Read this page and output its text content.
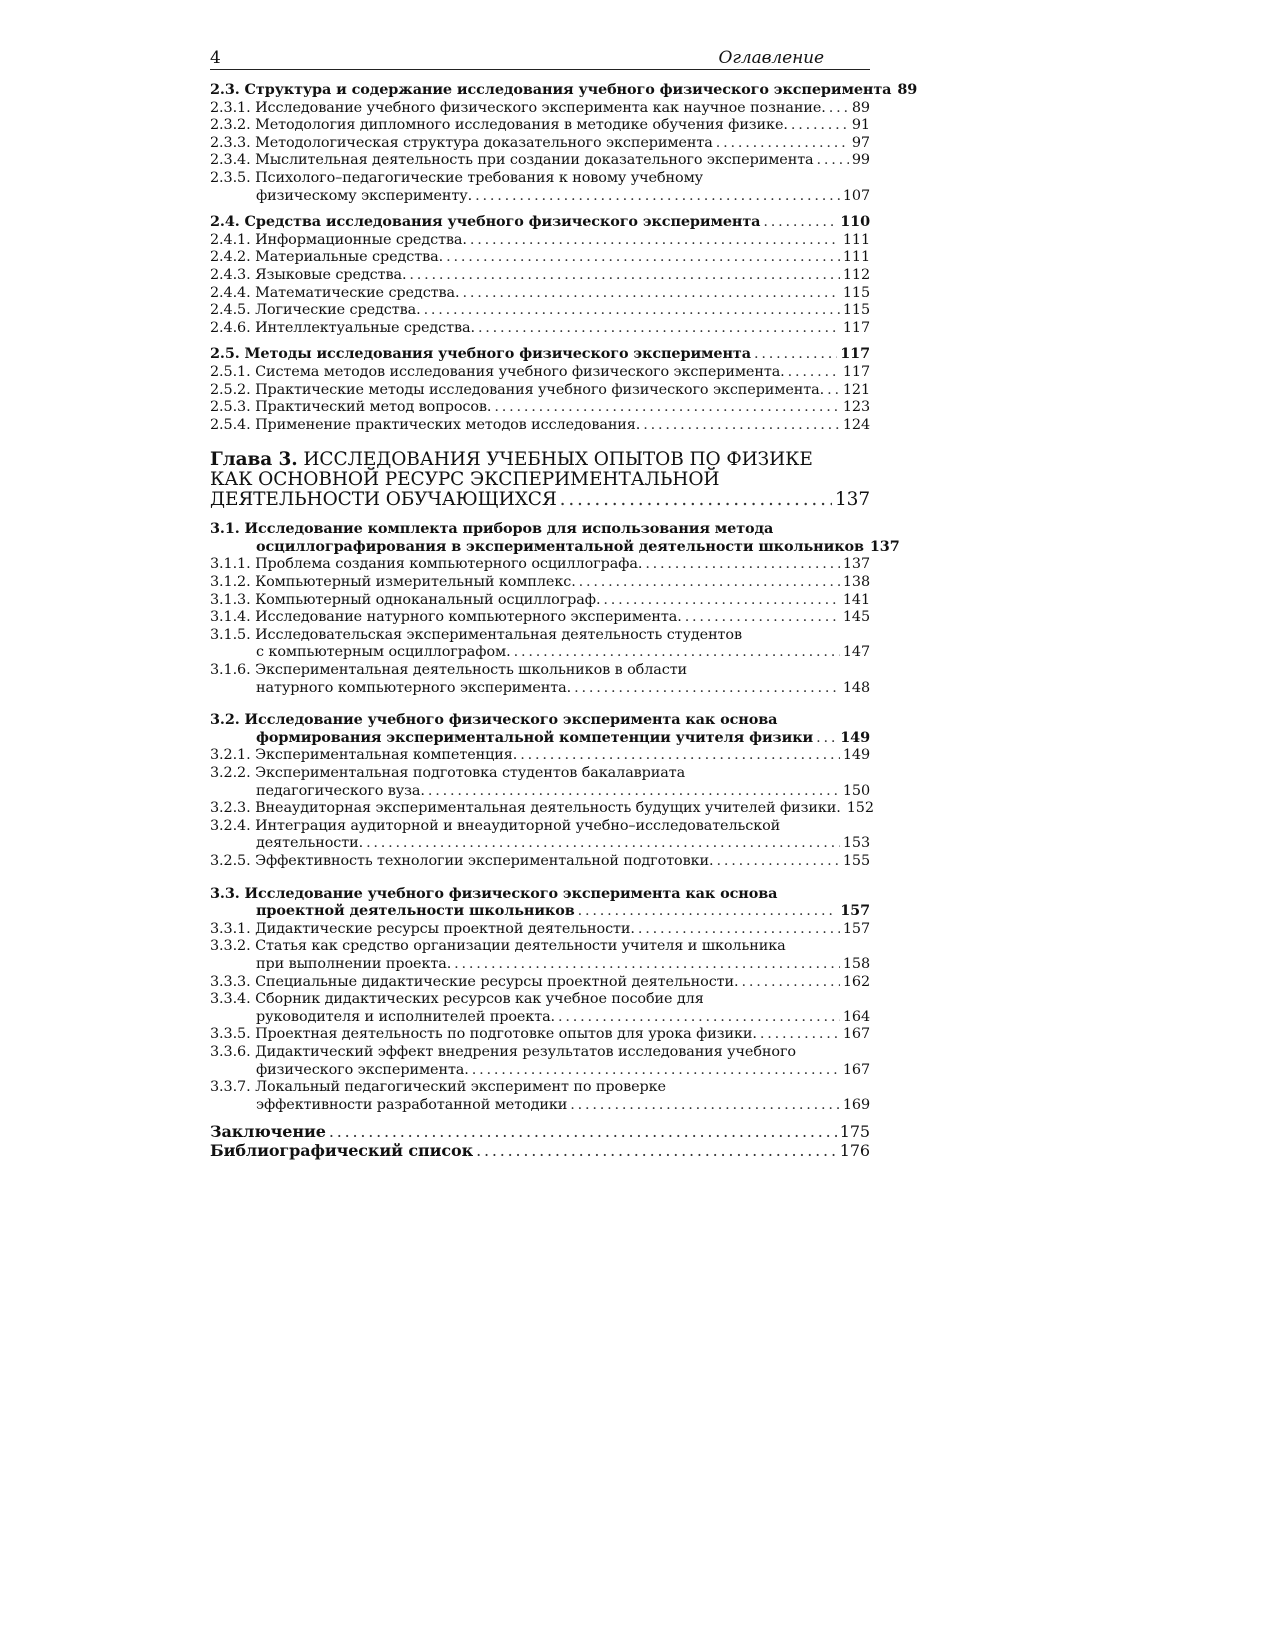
4	Оглавление
2.3. Структура и содержание исследования учебного физического эксперимента 89
2.3.1. Исследование учебного физического эксперимента как научное познание. ..... 89
2.3.2. Методология дипломного исследования в методике обучения физике. .....	91
2.3.3. Методологическая структура доказательного эксперимента .....	97
2.3.4. Мыслительная деятельность при создании доказательного эксперимента .....	99
2.3.5. Психолого–педагогические требования к новому учебному
физическому эксперименту. .....	107
2.4. Средства исследования учебного физического эксперимента .....	110
2.4.1. Информационные средства. .....	111
2.4.2. Материальные средства. .....	111
2.4.3. Языковые средства. .....	112
2.4.4. Математические средства. .....	115
2.4.5. Логические средства. .....	115
2.4.6. Интеллектуальные средства. .....	117
2.5. Методы исследования учебного физического эксперимента .....	117
2.5.1. Система методов исследования учебного физического эксперимента. .....	117
2.5.2. Практические методы исследования учебного физического эксперимента. ..... 121
2.5.3. Практический метод вопросов. .....	123
2.5.4. Применение практических методов исследования. .....	124
Глава 3. ИССЛЕДОВАНИЯ УЧЕБНЫХ ОПЫТОВ ПО ФИЗИКЕ
КАК ОСНОВНОЙ РЕСУРС ЭКСПЕРИМЕНТАЛЬНОЙ
ДЕЯТЕЛЬНОСТИ ОБУЧАЮЩИХСЯ .....	137
3.1. Исследование комплекта приборов для использования метода
осциллографирования в экспериментальной деятельности школьников 137
3.1.1. Проблема создания компьютерного осциллографа. .....	137
3.1.2. Компьютерный измерительный комплекс. .....	138
3.1.3. Компьютерный одноканальный осциллограф. .....	141
3.1.4. Исследование натурного компьютерного эксперимента. .....	145
3.1.5. Исследовательская экспериментальная деятельность студентов
с компьютерным осциллографом. .....	147
3.1.6. Экспериментальная деятельность школьников в области
натурного компьютерного эксперимента. .....	148
3.2. Исследование учебного физического эксперимента как основа
формирования экспериментальной компетенции учителя физики ..... 149
3.2.1. Экспериментальная компетенция. .....	149
3.2.2. Экспериментальная подготовка студентов бакалавриата
педагогического вуза. .....	150
3.2.3. Внеаудиторная экспериментальная деятельность будущих учителей физики. 152
3.2.4. Интеграция аудиторной и внеаудиторной учебно–исследовательской
деятельности. .....	153
3.2.5. Эффективность технологии экспериментальной подготовки. .....	155
3.3. Исследование учебного физического эксперимента как основа
проектной деятельности школьников .....	157
3.3.1. Дидактические ресурсы проектной деятельности. .....	157
3.3.2. Статья как средство организации деятельности учителя и школьника
при выполнении проекта. .....	158
3.3.3. Специальные дидактические ресурсы проектной деятельности. .....	162
3.3.4. Сборник дидактических ресурсов как учебное пособие для
руководителя и исполнителей проекта. .....	164
3.3.5. Проектная деятельность по подготовке опытов для урока физики. .....	167
3.3.6. Дидактический эффект внедрения результатов исследования учебного
физического эксперимента. .....	167
3.3.7. Локальный педагогический эксперимент по проверке
эффективности разработанной методики .....	169
Заключение .....	175
Библиографический список .....	176
